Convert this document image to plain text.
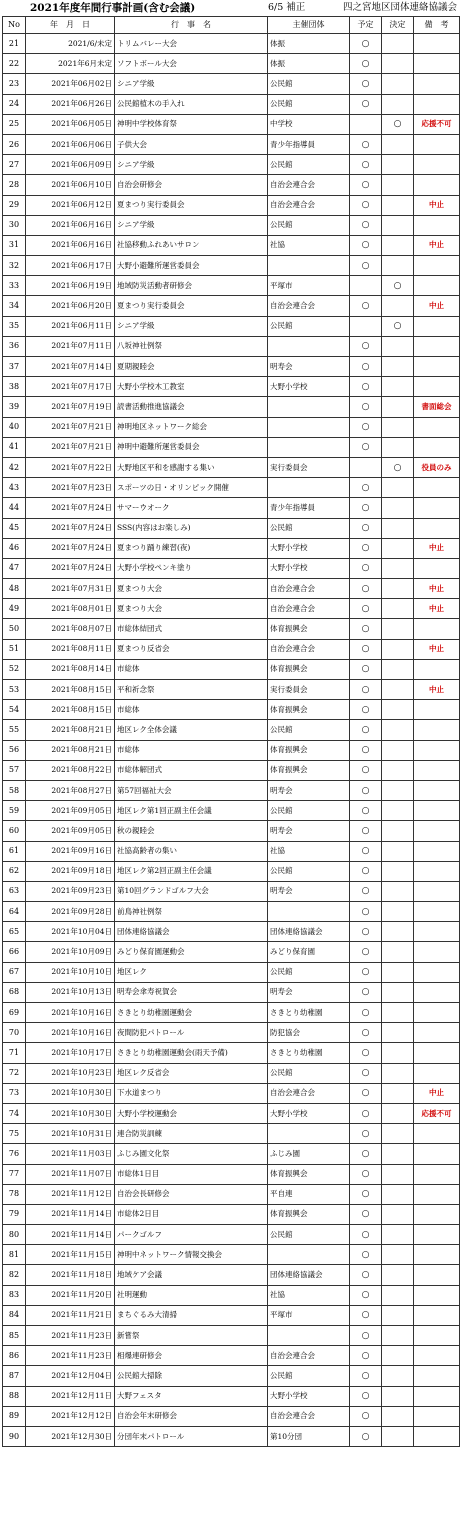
2021年度年間行事計画(含む会議)	6/5 補正	四之宮地区団体連絡協議会
No	年　月　日	行　事　名	主催団体	予定	決定	備　考
21	2021/6/未定	トリムバレー大会	体振	○		
22	2021年6月未定	ソフトボール大会	体振	○		
23	2021年06月02日	シニア学級	公民館	○		
24	2021年06月26日	公民館植木の手入れ	公民館	○		
25	2021年06月05日	神明中学校体育祭	中学校		○	応援不可
26	2021年06月06日	子供大会	青少年指導員	○		
27	2021年06月09日	シニア学級	公民館	○		
28	2021年06月10日	自治会研修会	自治会連合会	○		
29	2021年06月12日	夏まつり実行委員会	自治会連合会	○		中止
30	2021年06月16日	シニア学級	公民館	○		
31	2021年06月16日	社協移動ふれあいサロン	社協	○		中止
32	2021年06月17日	大野小避難所運営委員会		○		
33	2021年06月19日	地域防災活動者研修会	平塚市		○	
34	2021年06月20日	夏まつり実行委員会	自治会連合会	○		中止
35	2021年06月11日	シニア学級	公民館		○	
36	2021年07月11日	八坂神社例祭		○		
37	2021年07月14日	夏期親睦会	明寿会	○		
38	2021年07月17日	大野小学校木工教室	大野小学校	○		
39	2021年07月19日	読書活動推進協議会		○		書面総会
40	2021年07月21日	神明地区ネットワーク総会		○		
41	2021年07月21日	神明中避難所運営委員会		○		
42	2021年07月22日	大野地区平和を感謝する集い	実行委員会		○	役員のみ
43	2021年07月23日	スポーツの日・オリンピック開催		○		
44	2021年07月24日	サマーウオーク	青少年指導員	○		
45	2021年07月24日	SSS(内容はお楽しみ)	公民館	○		
46	2021年07月24日	夏まつり踊り練習(夜)	大野小学校	○		中止
47	2021年07月24日	大野小学校ペンキ塗り	大野小学校	○		
48	2021年07月31日	夏まつり大会	自治会連合会	○		中止
49	2021年08月01日	夏まつり大会	自治会連合会	○		中止
50	2021年08月07日	市総体結団式	体育振興会	○		
51	2021年08月11日	夏まつり反省会	自治会連合会	○		中止
52	2021年08月14日	市総体	体育振興会	○		
53	2021年08月15日	平和祈念祭	実行委員会	○		中止
54	2021年08月15日	市総体	体育振興会	○		
55	2021年08月21日	地区レク全体会議	公民館	○		
56	2021年08月21日	市総体	体育振興会	○		
57	2021年08月22日	市総体解団式	体育振興会	○		
58	2021年08月27日	第57回福祉大会	明寿会	○		
59	2021年09月05日	地区レク第1回正副主任会議	公民館	○		
60	2021年09月05日	秋の親睦会	明寿会	○		
61	2021年09月16日	社協高齢者の集い	社協	○		
62	2021年09月18日	地区レク第2回正副主任会議	公民館	○		
63	2021年09月23日	第10回グランドゴルフ大会	明寿会	○		
64	2021年09月28日	前鳥神社例祭		○		
65	2021年10月04日	団体連絡協議会	団体連絡協議会	○		
66	2021年10月09日	みどり保育園運動会	みどり保育園	○		
67	2021年10月10日	地区レク	公民館	○		
68	2021年10月13日	明寿会傘寿祝賀会	明寿会	○		
69	2021年10月16日	さきとり幼稚園運動会	さきとり幼稚園	○		
70	2021年10月16日	夜間防犯パトロール	防犯協会	○		
71	2021年10月17日	さきとり幼稚園運動会(雨天予備)	さきとり幼稚園	○		
72	2021年10月23日	地区レク反省会	公民館	○		
73	2021年10月30日	下水道まつり	自治会連合会	○		中止
74	2021年10月30日	大野小学校運動会	大野小学校	○		応援不可
75	2021年10月31日	連合防災訓練		○		
76	2021年11月03日	ふじみ園文化祭	ふじみ園	○		
77	2021年11月07日	市総体1日目	体育振興会	○		
78	2021年11月12日	自治会長研修会	平自連	○		
79	2021年11月14日	市総体2日目	体育振興会	○		
80	2021年11月14日	パークゴルフ	公民館	○		
81	2021年11月15日	神明中ネットワーク情報交換会		○		
82	2021年11月18日	地域ケア会議	団体連絡協議会	○		
83	2021年11月20日	社明運動	社協	○		
84	2021年11月21日	まちぐるみ大清掃	平塚市	○		
85	2021年11月23日	新嘗祭		○		
86	2021年11月23日	相爆連研修会	自治会連合会	○		
87	2021年12月04日	公民館大掃除	公民館	○		
88	2021年12月11日	大野フェスタ	大野小学校	○		
89	2021年12月12日	自治会年末研修会	自治会連合会	○		
90	2021年12月30日	分団年末パトロール	第10分団	○		
